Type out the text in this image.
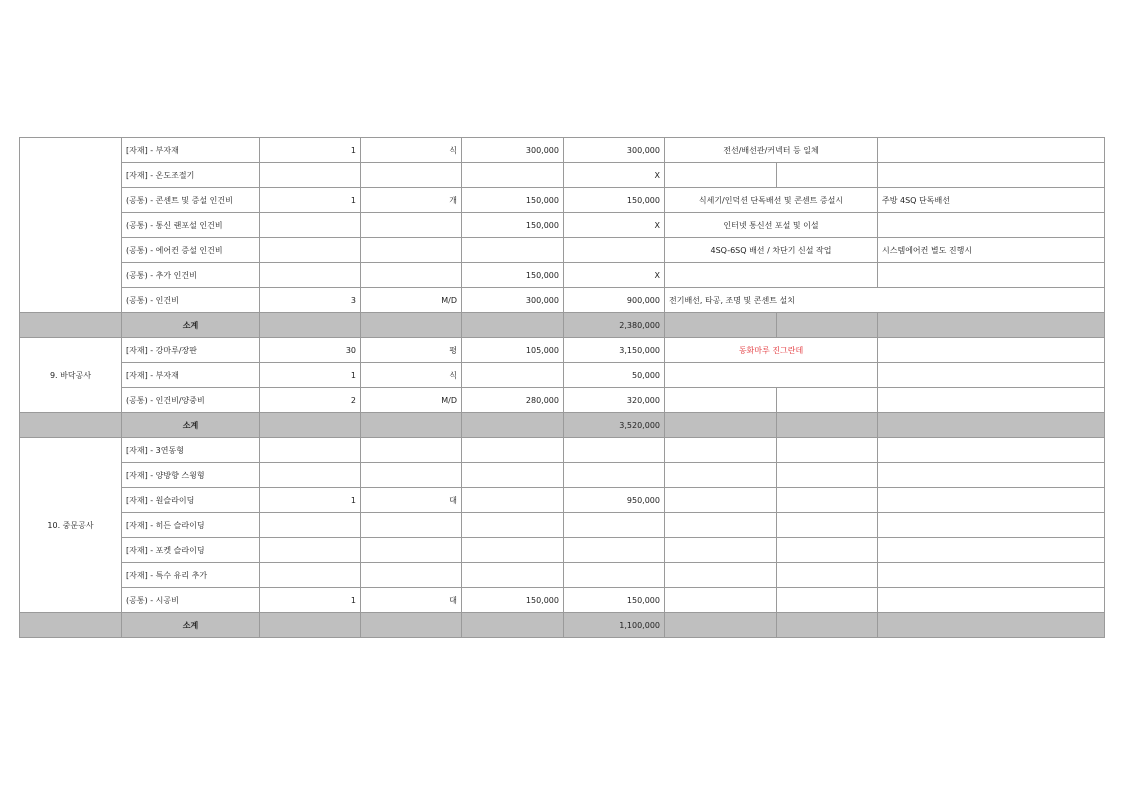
	[자재] - 부자재	1	식	300,000	300,000	전선/배선관/커넥터 등 일체		
	[자재] - 온도조절기				X			
	(공통) - 콘센트 및 증설 인건비	1	개	150,000	150,000	식세기/인덕션 단독배선 및 콘센트 증설시		주방 4SQ 단독배선
	(공통) - 통신 랜포설 인건비			150,000	X	인터넷 통신선 포설 및 이설		
	(공통) - 에어컨 증설 인건비					4SQ-6SQ 배선 / 차단기 신설 작업		시스템에어컨 별도 진행시
	(공통) - 추가 인건비			150,000	X			
	(공통) - 인건비	3	M/D	300,000	900,000	전기배선, 타공, 조명 및 콘센트 설치		
	소계				2,380,000			
9. 바닥공사	[자재] - 강마루/장판	30	평	105,000	3,150,000	동화마루 진그란데		
	[자재] - 부자재	1	식		50,000			
	(공통) - 인건비/양중비	2	M/D	280,000	320,000			
	소계				3,520,000			
10. 중문공사	[자재] - 3연동형							
	[자재] - 양방향 스윙형							
	[자재] - 원슬라이딩	1	대		950,000			
	[자재] - 히든 슬라이딩							
	[자재] - 포켓 슬라이딩							
	[자재] - 특수 유리 추가							
	(공통) - 시공비	1	대	150,000	150,000			
	소계				1,100,000			
